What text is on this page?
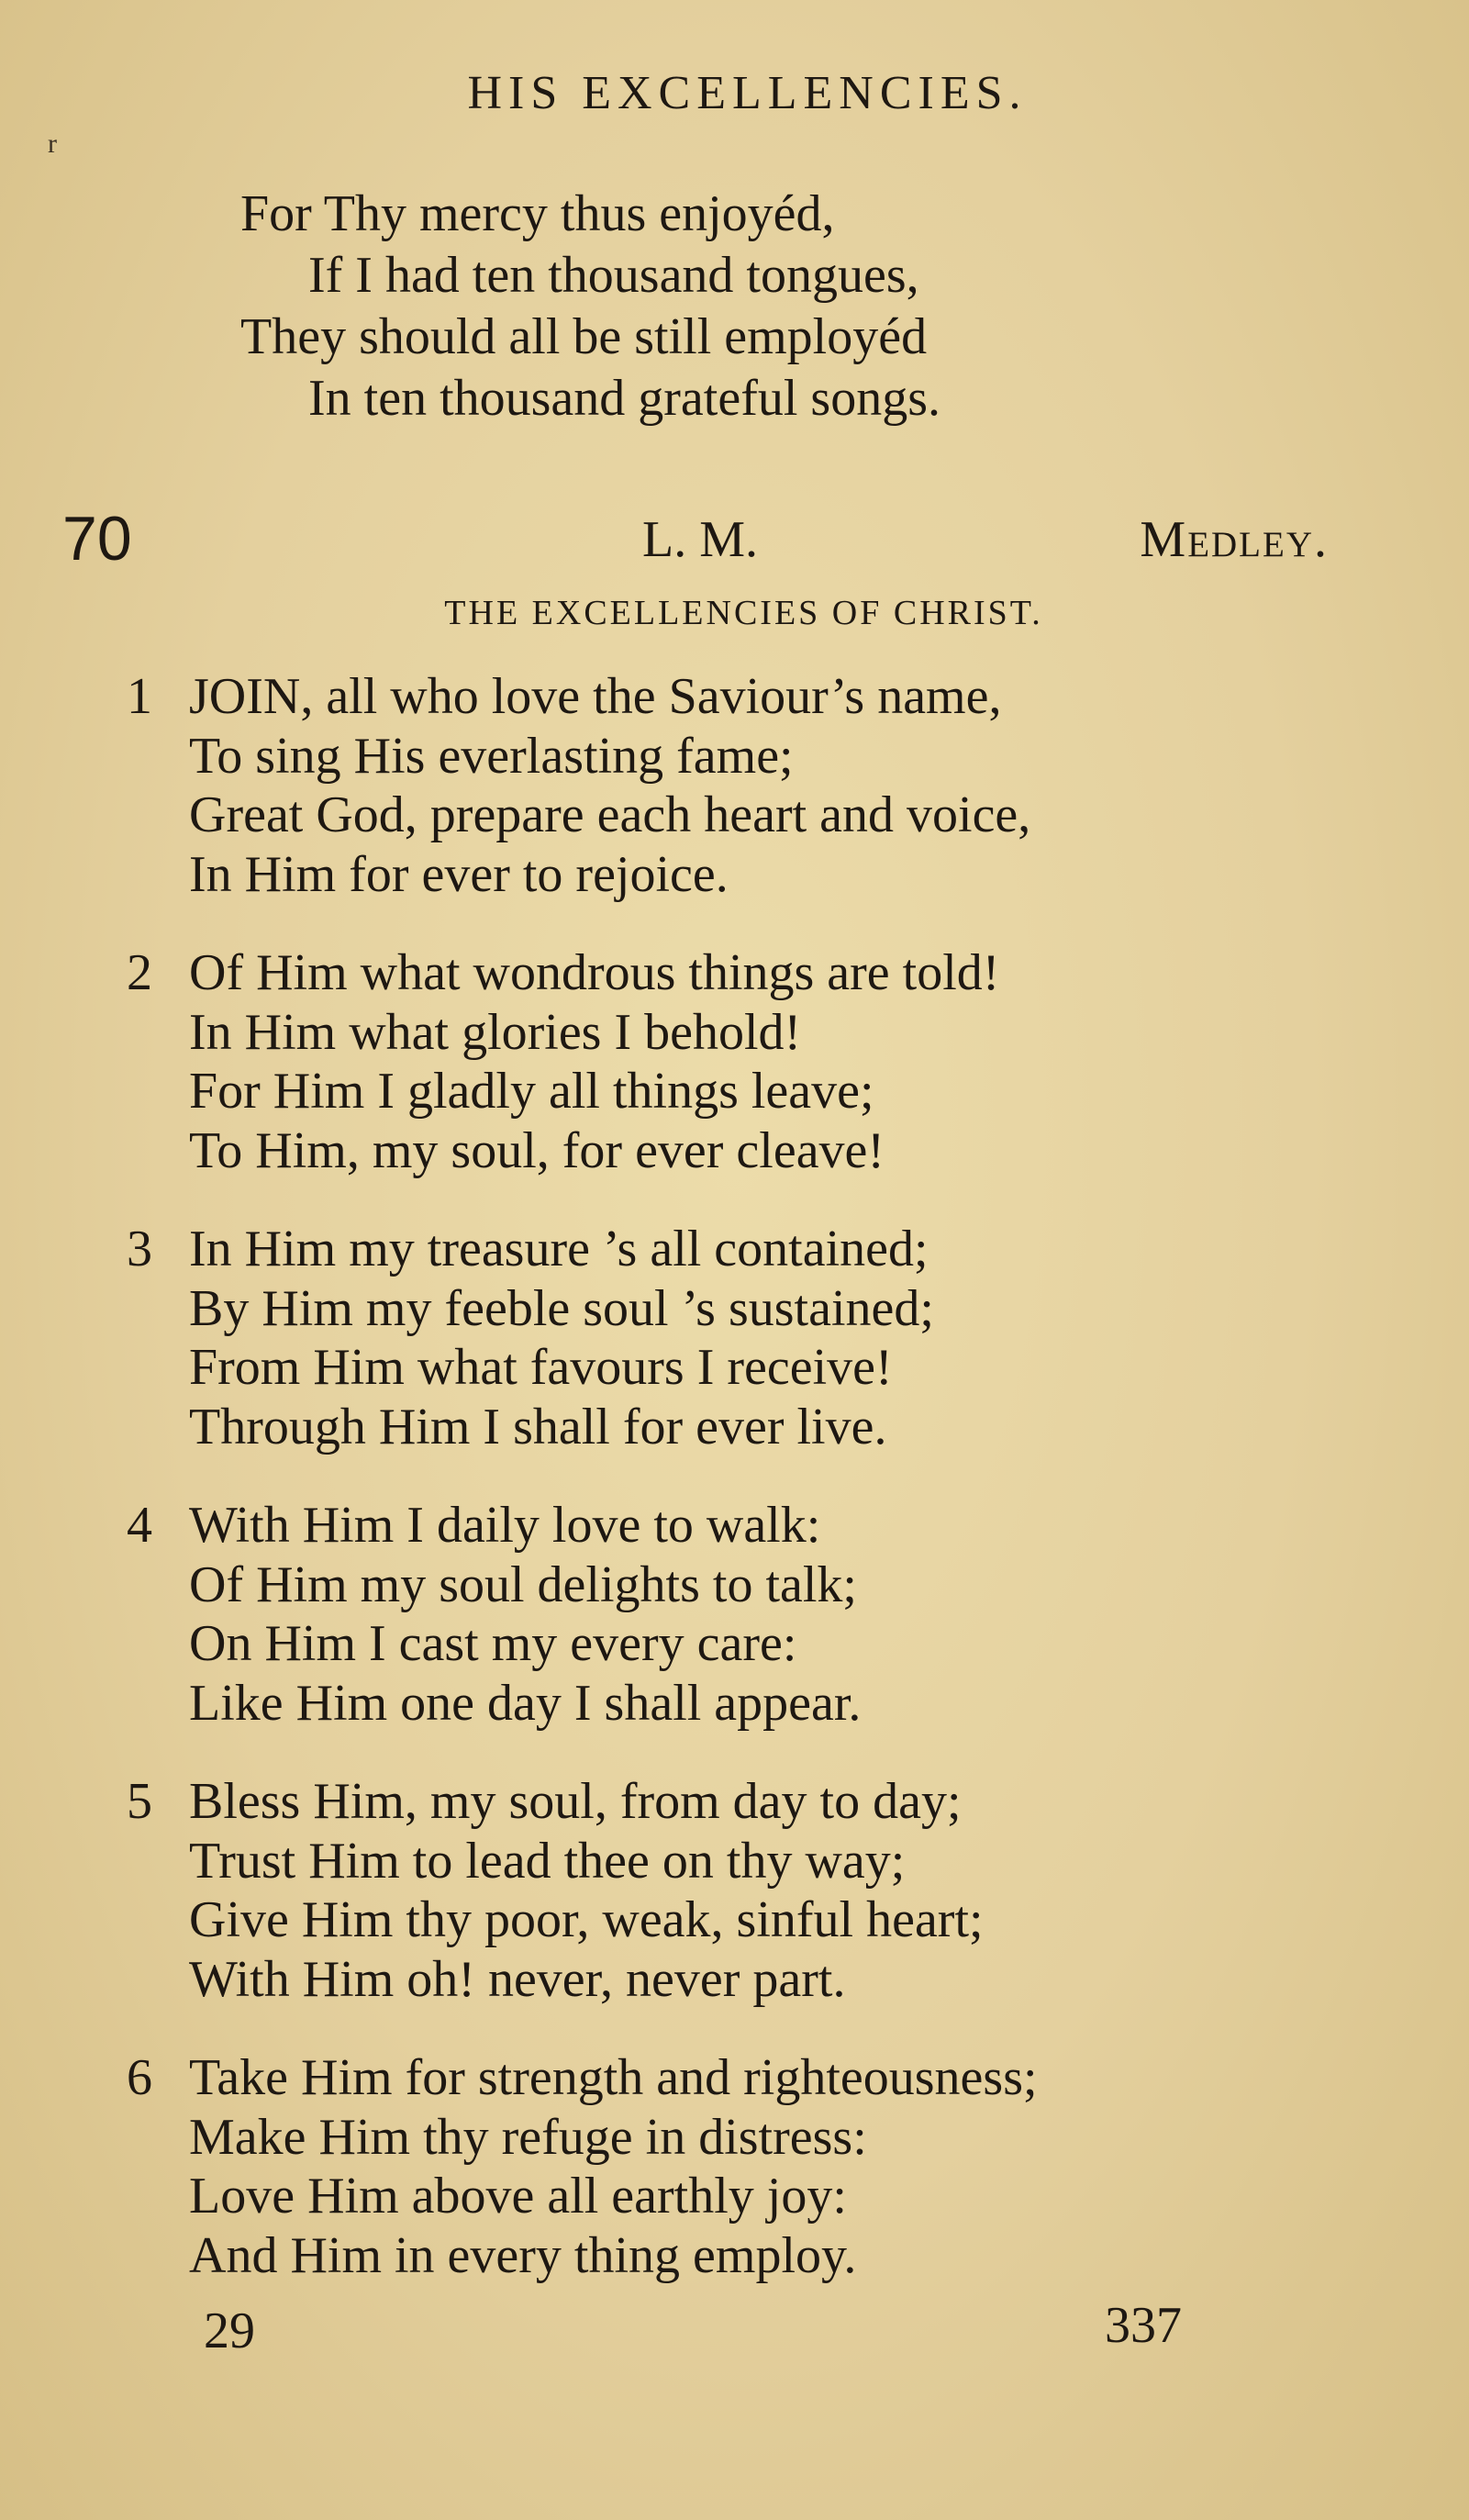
HIS EXCELLENCIES.
r
For Thy mercy thus enjoyéd,
If I had ten thousand tongues,
They should all be still employéd
In ten thousand grateful songs.
70	L. M.	Medley.
THE EXCELLENCIES OF CHRIST.
1 JOIN, all who love the Saviour’s name,
To sing His everlasting fame;
Great God, prepare each heart and voice,
In Him for ever to rejoice.
2 Of Him what wondrous things are told!
In Him what glories I behold!
For Him I gladly all things leave;
To Him, my soul, for ever cleave!
3 In Him my treasure ’s all contained;
By Him my feeble soul ’s sustained;
From Him what favours I receive!
Through Him I shall for ever live.
4 With Him I daily love to walk:
Of Him my soul delights to talk;
On Him I cast my every care:
Like Him one day I shall appear.
5 Bless Him, my soul, from day to day;
Trust Him to lead thee on thy way;
Give Him thy poor, weak, sinful heart;
With Him oh! never, never part.
6 Take Him for strength and righteousness;
Make Him thy refuge in distress:
Love Him above all earthly joy:
And Him in every thing employ.
29	337
